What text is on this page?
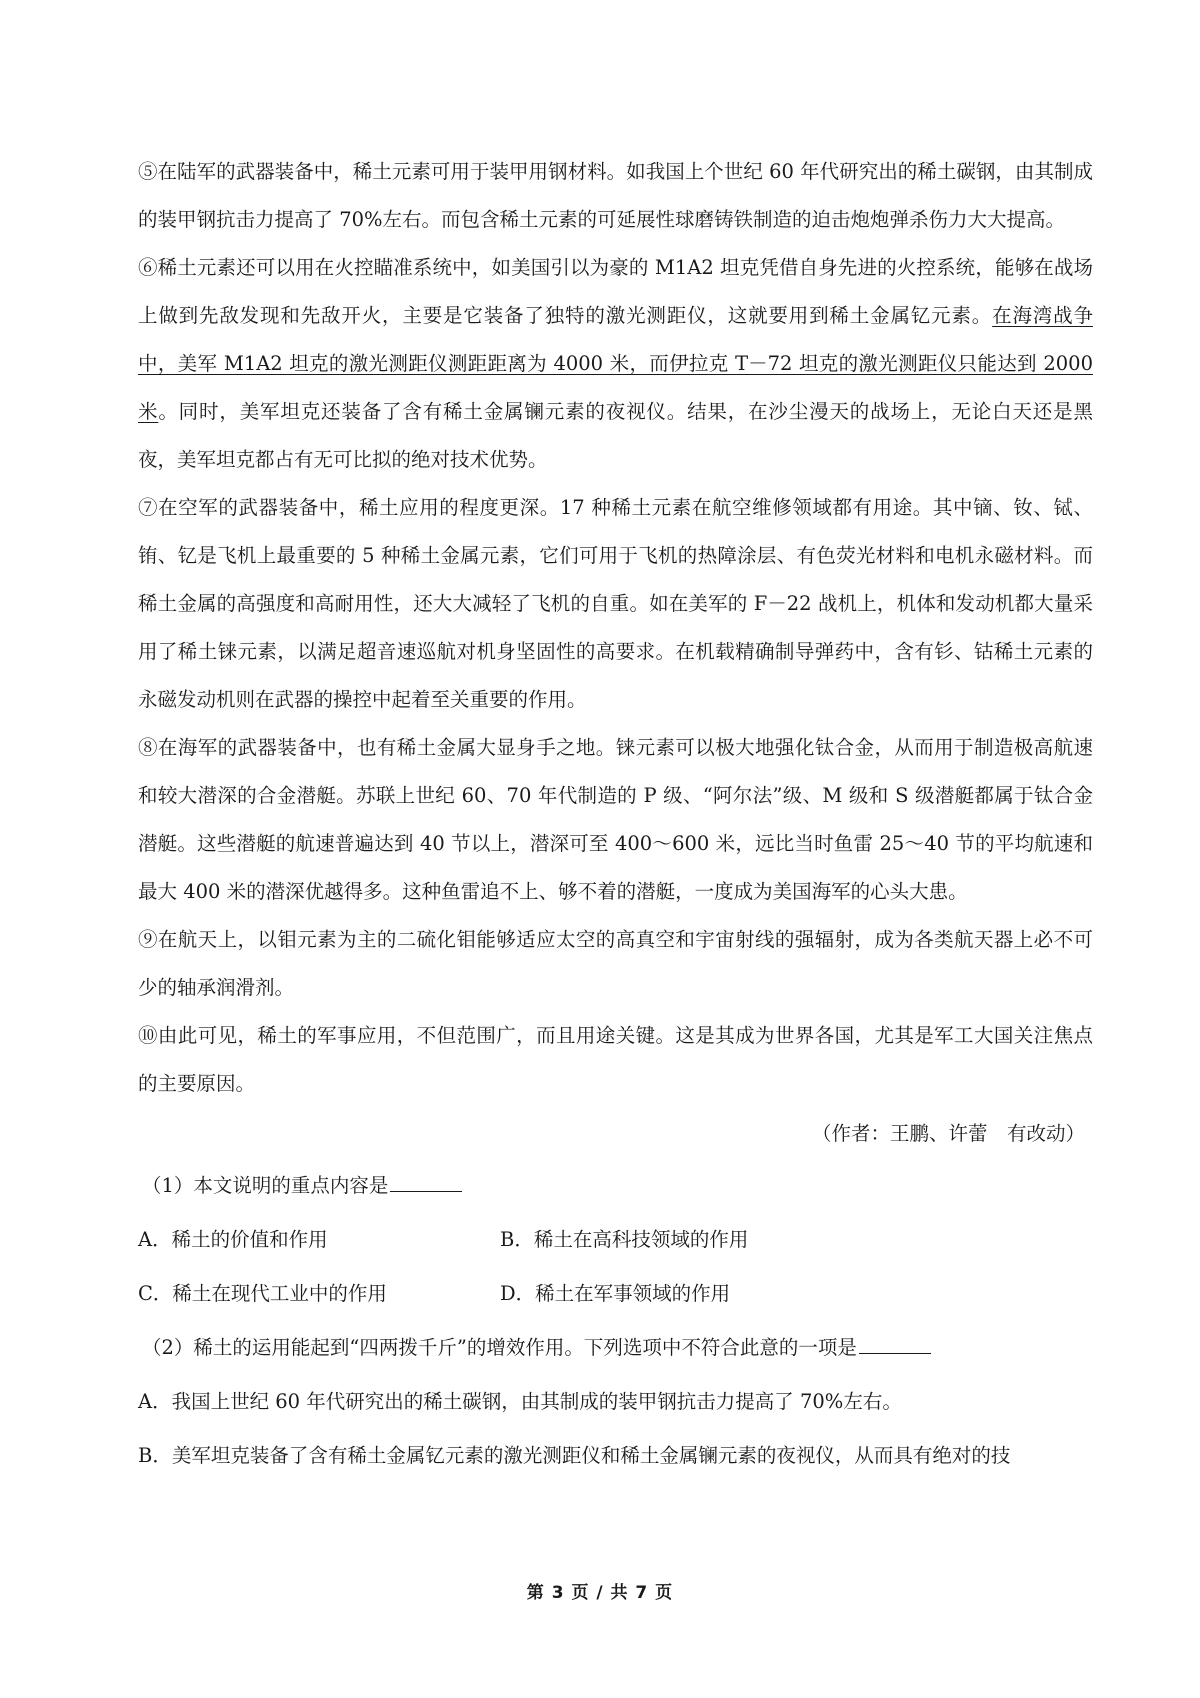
⑤在陆军的武器装备中，稀土元素可用于装甲用钢材料。如我国上个世纪 60 年代研究出的稀土碳钢，由其制成的装甲钢抗击力提高了 70%左右。而包含稀土元素的可延展性球磨铸铁制造的迫击炮炮弹杀伤力大大提高。

⑥稀土元素还可以用在火控瞄准系统中，如美国引以为豪的 M1A2 坦克凭借自身先进的火控系统，能够在战场上做到先敌发现和先敌开火，主要是它装备了独特的激光测距仪，这就要用到稀土金属钇元素。在海湾战争中，美军 M1A2 坦克的激光测距仪测距距离为 4000 米，而伊拉克 T－72 坦克的激光测距仪只能达到 2000 米。同时，美军坦克还装备了含有稀土金属镧元素的夜视仪。结果，在沙尘漫天的战场上，无论白天还是黑夜，美军坦克都占有无可比拟的绝对技术优势。

⑦在空军的武器装备中，稀土应用的程度更深。17 种稀土元素在航空维修领域都有用途。其中镝、钕、铽、铕、钇是飞机上最重要的 5 种稀土金属元素，它们可用于飞机的热障涂层、有色荧光材料和电机永磁材料。而稀土金属的高强度和高耐用性，还大大减轻了飞机的自重。如在美军的 F－22 战机上，机体和发动机都大量采用了稀土铼元素，以满足超音速巡航对机身坚固性的高要求。在机载精确制导弹药中，含有钐、钴稀土元素的永磁发动机则在武器的操控中起着至关重要的作用。

⑧在海军的武器装备中，也有稀土金属大显身手之地。铼元素可以极大地强化钛合金，从而用于制造极高航速和较大潜深的合金潜艇。苏联上世纪 60、70 年代制造的 P 级、“阿尔法”级、M 级和 S 级潜艇都属于钛合金潜艇。这些潜艇的航速普遍达到 40 节以上，潜深可至 400～600 米，远比当时鱼雷 25～40 节的平均航速和最大 400 米的潜深优越得多。这种鱼雷追不上、够不着的潜艇，一度成为美国海军的心头大患。

⑨在航天上，以钼元素为主的二硫化钼能够适应太空的高真空和宇宙射线的强辐射，成为各类航天器上必不可少的轴承润滑剂。

⑩由此可见，稀土的军事应用，不但范围广，而且用途关键。这是其成为世界各国，尤其是军工大国关注焦点的主要原因。

（作者：王鹏、许蕾　有改动）
（1）本文说明的重点内容是
A．稀土的价值和作用	B．稀土在高科技领域的作用
C．稀土在现代工业中的作用	D．稀土在军事领域的作用
（2）稀土的运用能起到“四两拨千斤”的增效作用。下列选项中不符合此意的一项是
A．我国上世纪 60 年代研究出的稀土碳钢，由其制成的装甲钢抗击力提高了 70%左右。
B．美军坦克装备了含有稀土金属钇元素的激光测距仪和稀土金属镧元素的夜视仪，从而具有绝对的技
第 3 页 / 共 7 页
